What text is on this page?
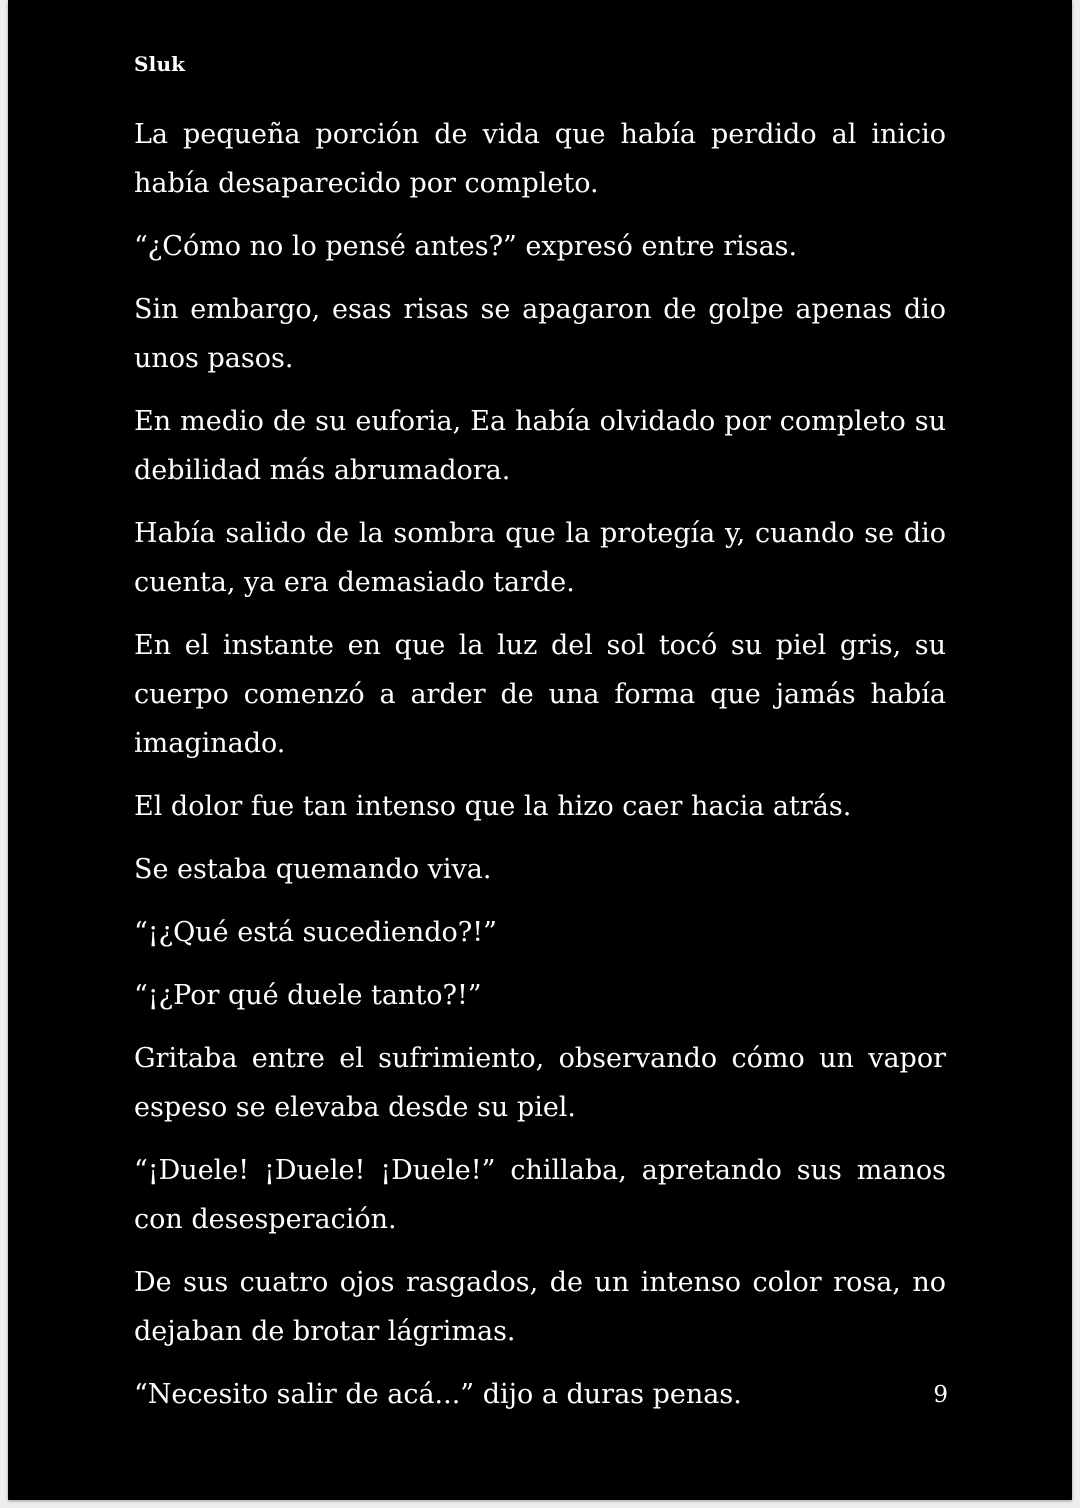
Sluk

La pequeña porción de vida que había perdido al inicio había desaparecido por completo.

“¿Cómo no lo pensé antes?” expresó entre risas.

Sin embargo, esas risas se apagaron de golpe apenas dio unos pasos.

En medio de su euforia, Ea había olvidado por completo su debilidad más abrumadora.

Había salido de la sombra que la protegía y, cuando se dio cuenta, ya era demasiado tarde.

En el instante en que la luz del sol tocó su piel gris, su cuerpo comenzó a arder de una forma que jamás había imaginado.

El dolor fue tan intenso que la hizo caer hacia atrás.

Se estaba quemando viva.

“¡¿Qué está sucediendo?!”

“¡¿Por qué duele tanto?!”

Gritaba entre el sufrimiento, observando cómo un vapor espeso se elevaba desde su piel.

“¡Duele! ¡Duele! ¡Duele!” chillaba, apretando sus manos con desesperación.

De sus cuatro ojos rasgados, de un intenso color rosa, no dejaban de brotar lágrimas.

“Necesito salir de acá...” dijo a duras penas.	9
